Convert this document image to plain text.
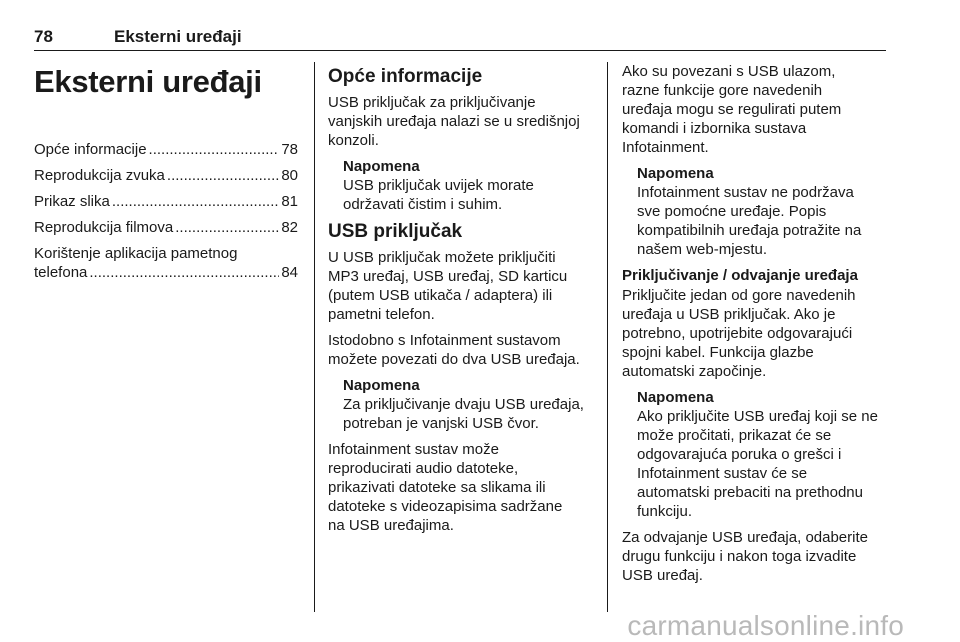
78	Eksterni uređaji
Eksterni uređaji
Opće informacije .....	78
Reprodukcija zvuka .....	80
Prikaz slika .....	81
Reprodukcija filmova .....	82
Korištenje aplikacija pametnog
telefona .....	84
Opće informacije

USB priključak za priključivanje
vanjskih uređaja nalazi se u središnjoj
konzoli.

Napomena
USB priključak uvijek morate
održavati čistim i suhim.
USB priključak

U USB priključak možete priključiti
MP3 uređaj, USB uređaj, SD karticu
(putem USB utikača / adaptera) ili
pametni telefon.

Istodobno s Infotainment sustavom
možete povezati do dva USB uređaja.

Napomena
Za priključivanje dvaju USB uređaja,
potreban je vanjski USB čvor.

Infotainment sustav može
reproducirati audio datoteke,
prikazivati datoteke sa slikama ili
datoteke s videozapisima sadržane
na USB uređajima.

Ako su povezani s USB ulazom,
razne funkcije gore navedenih
uređaja mogu se regulirati putem
komandi i izbornika sustava
Infotainment.

Napomena
Infotainment sustav ne podržava
sve pomoćne uređaje. Popis
kompatibilnih uređaja potražite na
našem web-mjestu.
Priključivanje / odvajanje uređaja

Priključite jedan od gore navedenih
uređaja u USB priključak. Ako je
potrebno, upotrijebite odgovarajući
spojni kabel. Funkcija glazbe
automatski započinje.

Napomena
Ako priključite USB uređaj koji se ne
može pročitati, prikazat će se
odgovarajuća poruka o grešci i
Infotainment sustav će se
automatski prebaciti na prethodnu
funkciju.

Za odvajanje USB uređaja, odaberite
drugu funkciju i nakon toga izvadite
USB uređaj.

carmanualsonline.info
